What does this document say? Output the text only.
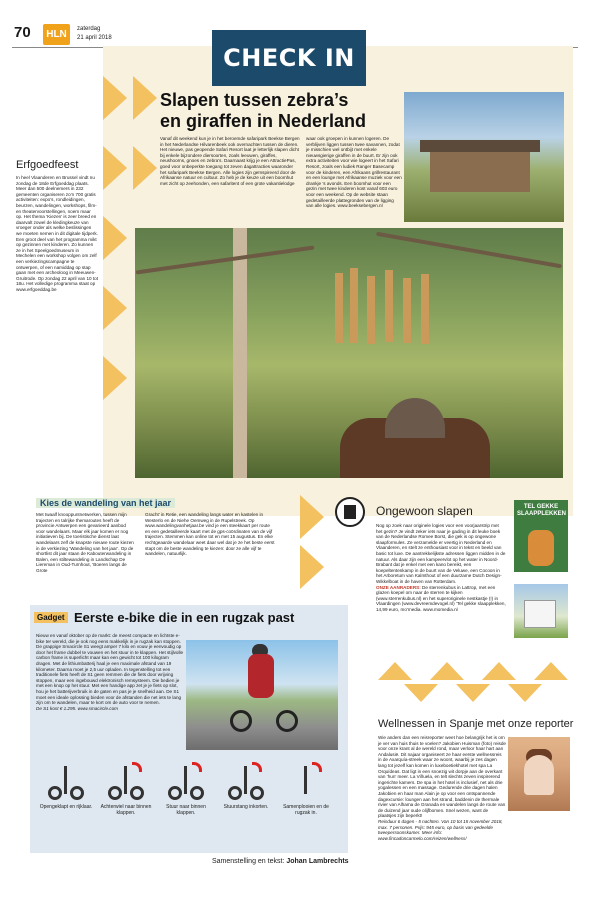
70	HLN	zaterdag
21 april 2018
CHECK IN
Slapen tussen zebra’s
en giraffen in Nederland

Vanaf dit weekend kun je in het beroemde safaripark Beekse Bergen in het Nederlandse Hilvarenbeek ook overnachten tussen de dieren. Het nieuwe, pas geopende Safari Resort laat je letterlijk slapen dicht bij enkele bijzondere diersoorten, zoals leeuwen, giraffes, neushoorns, gnoes en zebra’s. Daarnaast krijg je een AttractiePas, goed voor onbeperkte toegang tot zeven dagattracties waaronder het safaripark Beekse Bergen. Alle logies zijn geïnspireerd door de Afrikaanse natuur en cultuur. Zo heb je de keuze uit een boomhut met zicht op zeehonden, een safaritent of een grote vakantielodge

waar ook groepen in kunnen logeren. De verblijven liggen tussen twee savannen, zodat je misschien wel ontbijt met enkele nieuwsgierige giraffen in de buurt. Er zijn ook extra activiteiten voor wie logeert in het Safari Resort, zoals een ludiek Ranger Basecamp voor de kinderen, een Afrikaans grillrestaurant en een lounge met Afrikaanse muziek voor een drankje ’s avonds. Een boomhut voor een gezin met twee kinderen kost vanaf 603 euro voor een weekend. Op de website staan gedetailleerde plattegronden van de ligging van alle logies. www.beeksebergen.nl

Erfgoedfeest

In heel Vlaanderen en Brussel vindt nu zondag de 18de Erfgoeddag plaats. Meer dan 500 deelnemers in 232 gemeenten organiseren zo’n 700 gratis activiteiten: expo’s, rondleidingen, beurzen, wandelingen, workshops, film- en theatervoorstellingen, noem maar op. Het thema ‘Kiezen’ is zeer breed en daarvalt zowel de kledingkeuze van vroeger onder als welke beslissingen we moeten nemen in dit digitale tijdperk. Een groot deel van het programma mikt op gezinnen met kinderen. Zo kunnen ze in het Speelgoedmuseum in Mechelen een workshop volgen om zelf een verkiezingscampagne te ontwerpen, of een namiddag op stap gaan met een archeoloog in Meeuwen-Gruitrode. Op zondag 22 april van 10 tot 18u. Het volledige programma staat op www.erfgoeddag.be

Kies de wandeling van het jaar

Met twaalf knooppuntnetwerken, tussen mijn trajecten en talrijke themaroutes heeft de provincie Antwerpen een gevarieerd aanbod voor wandelaars. Maar elk jaar komen er nog initiatieven bij. De toeristische dienst laat wandelaars zelf de knapste nieuwe route kiezen in de verkiezing ‘Wandeling van het jaar’. Op de shortlist dit jaar staan de Kabouterwandeling in Balen, een stiltewandeling in Landschap De Liereman in Oud-Turnhout, ‘Boeren langs de Grote

Gracht’ in Retie, een wandeling langs water en kastelen in Westerlo en de Niehe Oemweg in de Rupelstreek. Op www.wandelingvanhetjaar.be vind je een steekkaart per route en een gedetailleerde kaart met de gps-coördinaten van de vijf trajecten. Stemmen kan online tot en met 15 augustus. En elke rechtgeaarde wandelaar weet daar wel dat je ze het beste eerst stapt om de beste wandeling te kiezen: door ze alle vijf te wandelen, natuurlijk.

Ongewoon slapen

Nog op zoek naar originele logies voor een voorjaarstrip met het gezin? Je vindt zeker iets naar je gading in dit leuke boek van de Nederlandse Romee Borst, die gek is op ongewone slaapformules. Ze verzamelde er veertig in Nederland en Vlaanderen, en stelt ze enthousiast voor in tekst en beeld van basic tot luxe. De aantrekkelijkste adressen liggen midden in de natuur. Als daar zijn een kampeervlot op het water in Noord-Brabant dat je enkel met een kano bereikt, een koepeltentenkamp in de buurt van de Veluwe, een Cocoon in het Arboretum van Kalmthout of een duurzame Dutch Design-Wikkelboat in de haven van Rotterdam.

ONZE AANRADERS: De sterrenkubus in Lattrop, met een glazen koepel om naar de sterren te kijken (www.sterrenkubus.nl) en het superoriginele nestkastje (!) in Vlaardingen (www.devreemdevogel.nl) ’Tel gekke slaapplekken, 14,99 euro, mo’media. www.momedia.nl

TEL GEKKE SLAAPPLEKKEN
Gadget Eerste e-bike die in een rugzak past

Nieuw en vanaf oktober op de markt: de meest compacte en lichtste e-bike ter wereld, die je ook nog eens makkelijk in je rugzak kan stoppen. De grappige Smacircle S1 weegt amper 7 kilo en vouw je eenvoudig op door het frame dubbel te vouwen en het stuur in te klappen. Het stijlvolle carbon frame is superlicht maar kan een gewicht tot 100 kilogram dragen. Met de lithiumbatterij haal je een maximale afstand van 19 kilometer. Daarna moet je 2,5 uur opladen. In tegenstelling tot een traditionele fiets heeft de S1 geen remmen die de fiets door wrijving stoppen, maar een ingebouwd elektronisch remsysteem. Die bedien je met een knop op het stuur. Met een handige app zet je je fiets op slot, hou je het batterijverbruik in de gaten en pas je je snelheid aan. De S1 moet een ideale oplossing bieden voor de afstanden die net iets te lang zijn om te wandelen, maar te kort om de auto voor te nemen.

De S1 kost € 1.295. www.smacircle.com

Opengeklapt en rijklaar.	Achterwiel naar binnen klappen.
Stuur naar binnen klappen.
Stuurstang inkorten.	Samenplooien en de rugzak in.
Wellnessen in Spanje met onze reporter

Wie anders dan een reisreporter weet hoe belangrijk het is om je ver van huis thuis te voelen? Jakobien Huisman (foto) reisde voor onze krant al de wereld rond, maar verloor haar hart aan Andalusië. Dit najaar organiseert ze haar eerste wellnessreis in de Axarquía-streek waar ze woont, waarbij je zes dagen lang tot jezelf kan komen in luxeboetiekhotel met spa La Orquídeas. Dat ligt in een snoezig wit dorpje aan de overkant van ‘hun’ meer. La Viñuela, en telt slechts zeven inspirerend ingerichte kamers. De spa in het hotel is inclusief, net als drie yogalessen en een massage. Gedurende drie dagen halen Jakobien en haar man Alain je op voor een ontspannende dagexcursie: loungen aan het strand, baddenin de thermale rivier van Alhama de Granada en wandelen langs de route van de duizend jaar oude olijfbomen. Snel wezen, want de plaatsjes zijn beperkt!

Reisduur 6 dagen - 5 nachten. Van 10 tot 15 november 2018, max. 7 personen. Prijs: 945 euro, op basis van gedeelde tweepersoonskamer. Meer info: www.fincadoncarmelo.com/reizen/wellness/

Samenstelling en tekst: Johan Lambrechts
